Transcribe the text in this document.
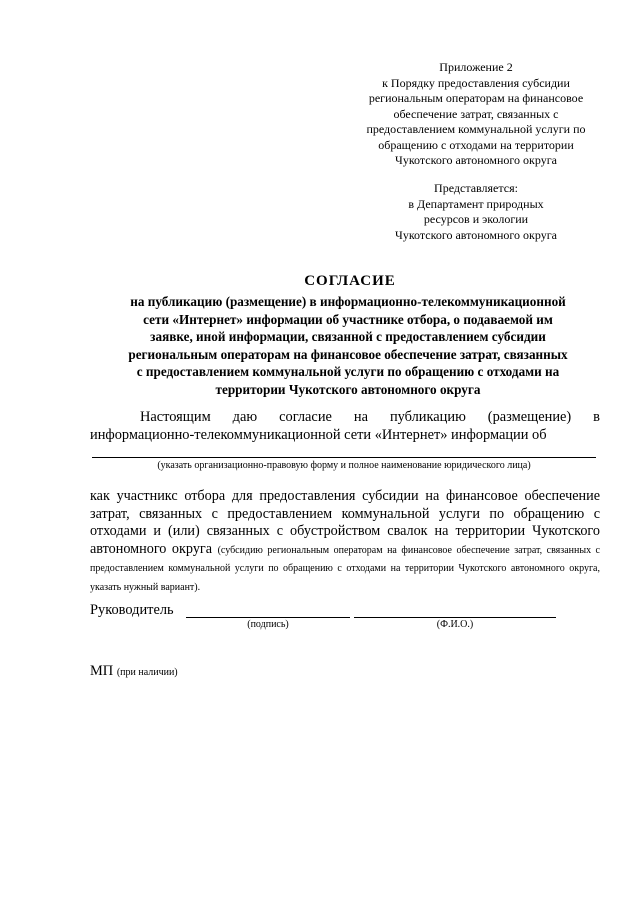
Приложение 2
к Порядку предоставления субсидии
региональным операторам на финансовое
обеспечение затрат, связанных с
предоставлением коммунальной услуги по
обращению с отходами на территории
Чукотского автономного округа
Представляется:
в Департамент природных
ресурсов и экологии
Чукотского автономного округа
СОГЛАСИЕ
на публикацию (размещение) в информационно-телекоммуникационной
сети «Интернет» информации об участнике отбора, о подаваемой им
заявке, иной информации, связанной с предоставлением субсидии
региональным операторам на финансовое обеспечение затрат, связанных
с предоставлением коммунальной услуги по обращению с отходами на
территории Чукотского автономного округа
Настоящим даю согласие на публикацию (размещение) в
информационно-телекоммуникационной сети «Интернет» информации об
(указать организационно-правовую форму и полное наименование юридического лица)
как участникс отбора для предоставления субсидии на финансовое обеспечение затрат, связанных с предоставлением коммунальной услуги по обращению с отходами и (или) связанных с обустройством свалок на территории Чукотского автономного округа (субсидию региональным операторам на финансовое обеспечение затрат, связанных с предоставлением коммунальной услуги по обращению с отходами на территории Чукотского автономного округа, указать нужный вариант).
Руководитель
(подпись)	(Ф.И.О.)
МП (при наличии)
